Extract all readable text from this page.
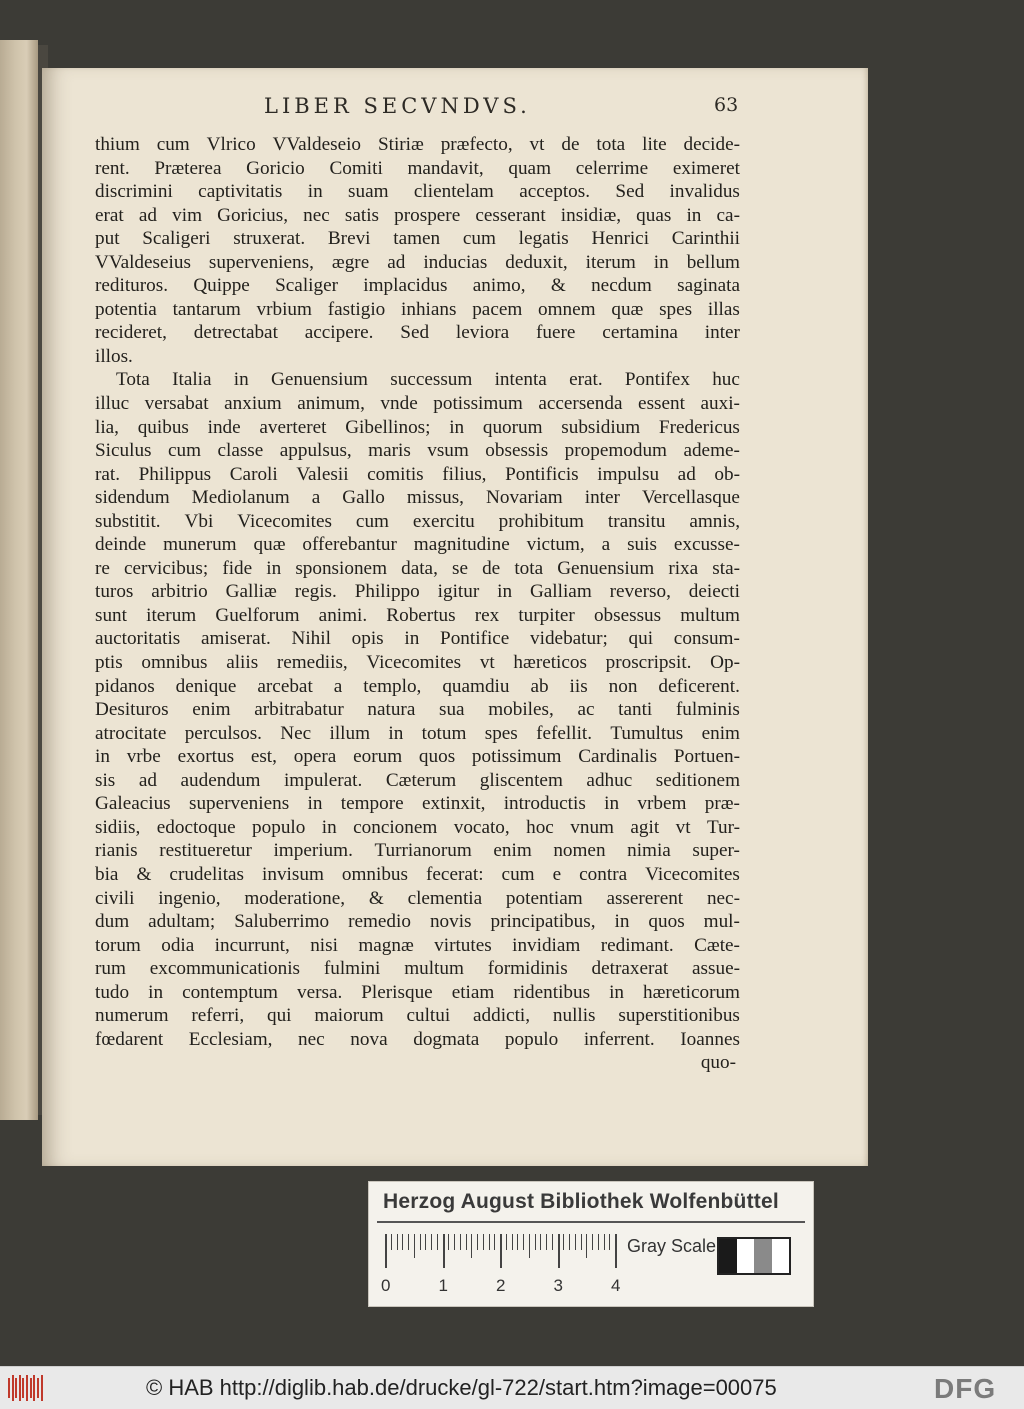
LIBER SECVNDVS.	63
thium cum Vlrico VValdeseio Stiriæ præfecto, vt de tota lite decide-
rent. Præterea Goricio Comiti mandavit, quam celerrime eximeret
discrimini captivitatis in suam clientelam acceptos. Sed invalidus
erat ad vim Goricius, nec satis prospere cesserant insidiæ, quas in ca-
put Scaligeri struxerat. Brevi tamen cum legatis Henrici Carinthii
VValdeseius superveniens, ægre ad inducias deduxit, iterum in bellum
redituros. Quippe Scaliger implacidus animo, & necdum saginata
potentia tantarum vrbium fastigio inhians pacem omnem quæ spes illas
recideret, detrectabat accipere. Sed leviora fuere certamina inter
illos.
Tota Italia in Genuensium successum intenta erat. Pontifex huc
illuc versabat anxium animum, vnde potissimum accersenda essent auxi-
lia, quibus inde averteret Gibellinos; in quorum subsidium Fredericus
Siculus cum classe appulsus, maris vsum obsessis propemodum ademe-
rat. Philippus Caroli Valesii comitis filius, Pontificis impulsu ad ob-
sidendum Mediolanum a Gallo missus, Novariam inter Vercellasque
substitit. Vbi Vicecomites cum exercitu prohibitum transitu amnis,
deinde munerum quæ offerebantur magnitudine victum, a suis excusse-
re cervicibus; fide in sponsionem data, se de tota Genuensium rixa sta-
turos arbitrio Galliæ regis. Philippo igitur in Galliam reverso, deiecti
sunt iterum Guelforum animi. Robertus rex turpiter obsessus multum
auctoritatis amiserat. Nihil opis in Pontifice videbatur; qui consum-
ptis omnibus aliis remediis, Vicecomites vt hæreticos proscripsit. Op-
pidanos denique arcebat a templo, quamdiu ab iis non deficerent.
Desituros enim arbitrabatur natura sua mobiles, ac tanti fulminis
atrocitate perculsos. Nec illum in totum spes fefellit. Tumultus enim
in vrbe exortus est, opera eorum quos potissimum Cardinalis Portuen-
sis ad audendum impulerat. Cæterum gliscentem adhuc seditionem
Galeacius superveniens in tempore extinxit, introductis in vrbem præ-
sidiis, edoctoque populo in concionem vocato, hoc vnum agit vt Tur-
rianis restitueretur imperium. Turrianorum enim nomen nimia super-
bia & crudelitas invisum omnibus fecerat: cum e contra Vicecomites
civili ingenio, moderatione, & clementia potentiam assererent nec-
dum adultam; Saluberrimo remedio novis principatibus, in quos mul-
torum odia incurrunt, nisi magnæ virtutes invidiam redimant. Cæte-
rum excommunicationis fulmini multum formidinis detraxerat assue-
tudo in contemptum versa. Plerisque etiam ridentibus in hæreticorum
numerum referri, qui maiorum cultui addicti, nullis superstitionibus
fœdarent Ecclesiam, nec nova dogmata populo inferrent. Ioannes
quo-
Herzog August Bibliothek Wolfenbüttel
0	1	2	3	4
Gray Scale
© HAB http://diglib.hab.de/drucke/gl-722/start.htm?image=00075	DFG
